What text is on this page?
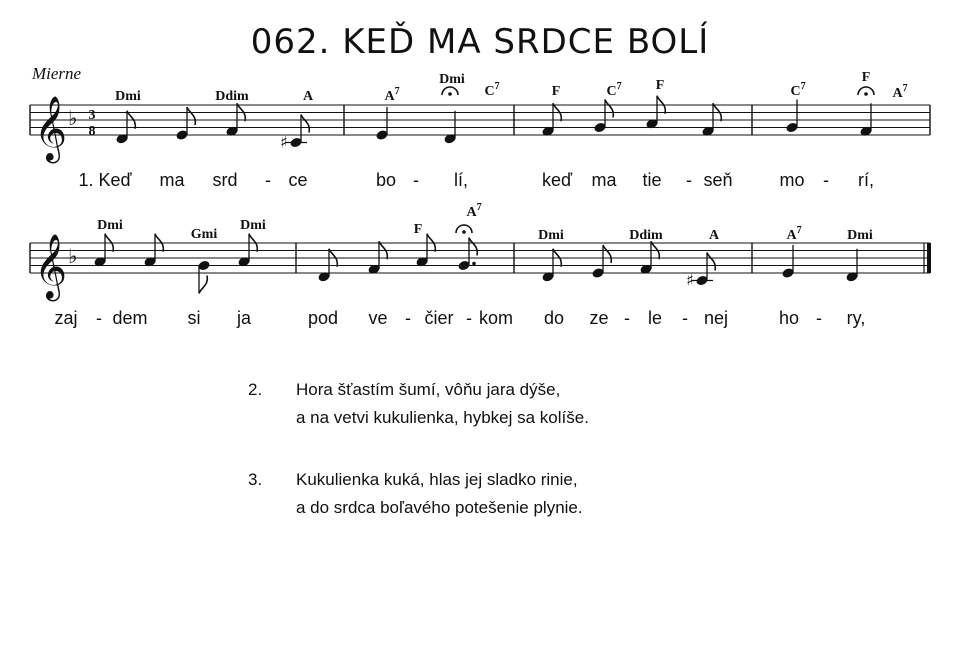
062. KEĎ MA SRDCE BOLÍ
Mierne
𝄞 ♭
𝄞 ♭
3
8
♯
♯
Dmi	Ddim	A	$A^7$
Dmi
$C^7$	F	$C^7$ F	$C^7$
F
$A^7$
Dmi
Gmi
Dmi	F
$A^7$
Dmi	Ddim	A	$A^7$	Dmi
1. Keď ma srd - ce	bo - lí,	keď ma tie - seň	mo - rí,
zaj - dem si ja	pod ve - čier - kom do ze - le - nej	ho - ry,
2.	Hora šťastím šumí, vôňu jara dýše,
a na vetvi kukulienka, hybkej sa kolíše.
3.	Kukulienka kuká, hlas jej sladko rinie,
a do srdca boľavého potešenie plynie.
